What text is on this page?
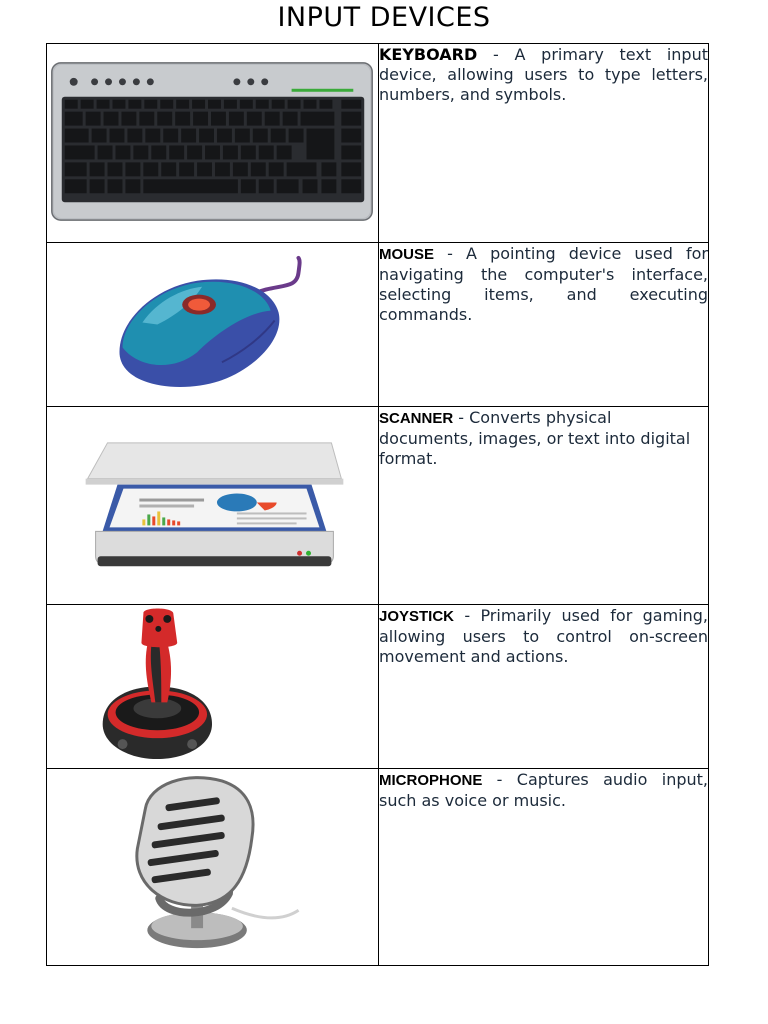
INPUT DEVICES

KEYBOARD - A primary text input device, allowing users to type letters, numbers, and symbols.

MOUSE - A pointing device used for navigating the computer's interface, selecting items, and executing commands.

SCANNER - Converts physical documents, images, or text into digital format.

JOYSTICK - Primarily used for gaming, allowing users to control on-screen movement and actions.

MICROPHONE - Captures audio input, such as voice or music.
